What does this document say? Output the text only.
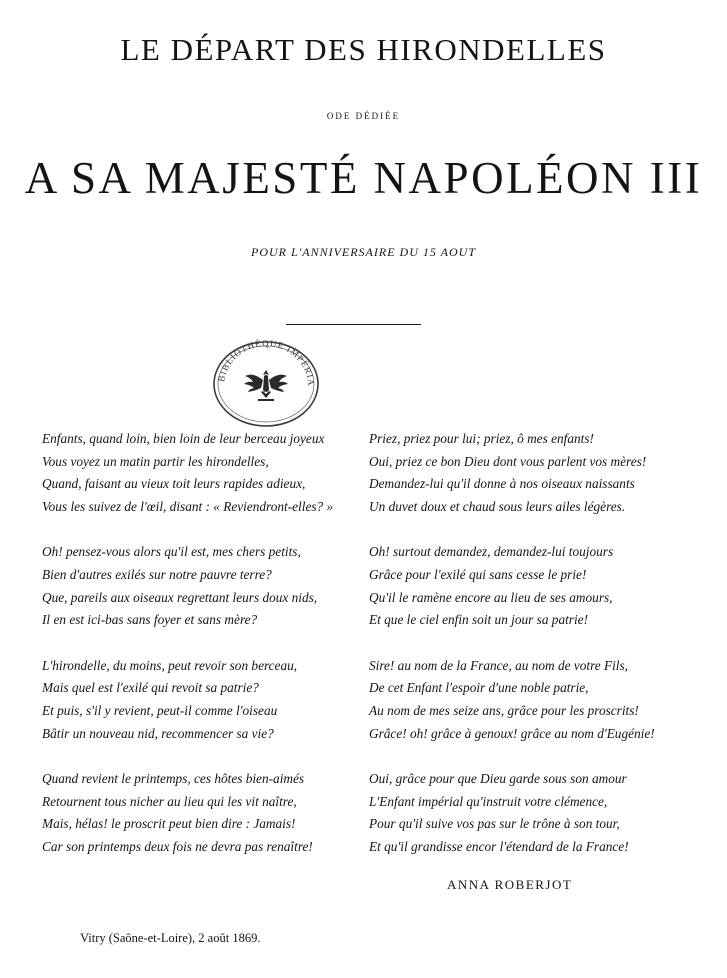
LE DÉPART DES HIRONDELLES
ODE DÉDIÉE
A SA MAJESTÉ NAPOLÉON III
POUR L'ANNIVERSAIRE DU 15 AOUT
BIBLIOTHÈQUE IMPÉRIA
Enfants, quand loin, bien loin de leur berceau joyeux
Vous voyez un matin partir les hirondelles,
Quand, faisant au vieux toit leurs rapides adieux,
Vous les suivez de l'œil, disant : « Reviendront-elles? »
Oh! pensez-vous alors qu'il est, mes chers petits,
Bien d'autres exilés sur notre pauvre terre?
Que, pareils aux oiseaux regrettant leurs doux nids,
Il en est ici-bas sans foyer et sans mère?
L'hirondelle, du moins, peut revoir son berceau,
Mais quel est l'exilé qui revoit sa patrie?
Et puis, s'il y revient, peut-il comme l'oiseau
Bâtir un nouveau nid, recommencer sa vie?
Quand revient le printemps, ces hôtes bien-aimés
Retournent tous nicher au lieu qui les vit naître,
Mais, hélas! le proscrit peut bien dire : Jamais!
Car son printemps deux fois ne devra pas renaître!
Priez, priez pour lui; priez, ô mes enfants!
Oui, priez ce bon Dieu dont vous parlent vos mères!
Demandez-lui qu'il donne à nos oiseaux naissants
Un duvet doux et chaud sous leurs ailes légères.
Oh! surtout demandez, demandez-lui toujours
Grâce pour l'exilé qui sans cesse le prie!
Qu'il le ramène encore au lieu de ses amours,
Et que le ciel enfin soit un jour sa patrie!
Sire! au nom de la France, au nom de votre Fils,
De cet Enfant l'espoir d'une noble patrie,
Au nom de mes seize ans, grâce pour les proscrits!
Grâce! oh! grâce à genoux! grâce au nom d'Eugénie!
Oui, grâce pour que Dieu garde sous son amour
L'Enfant impérial qu'instruit votre clémence,
Pour qu'il suive vos pas sur le trône à son tour,
Et qu'il grandisse encor l'étendard de la France!
ANNA ROBERJOT
Vitry (Saône-et-Loire), 2 août 1869.
